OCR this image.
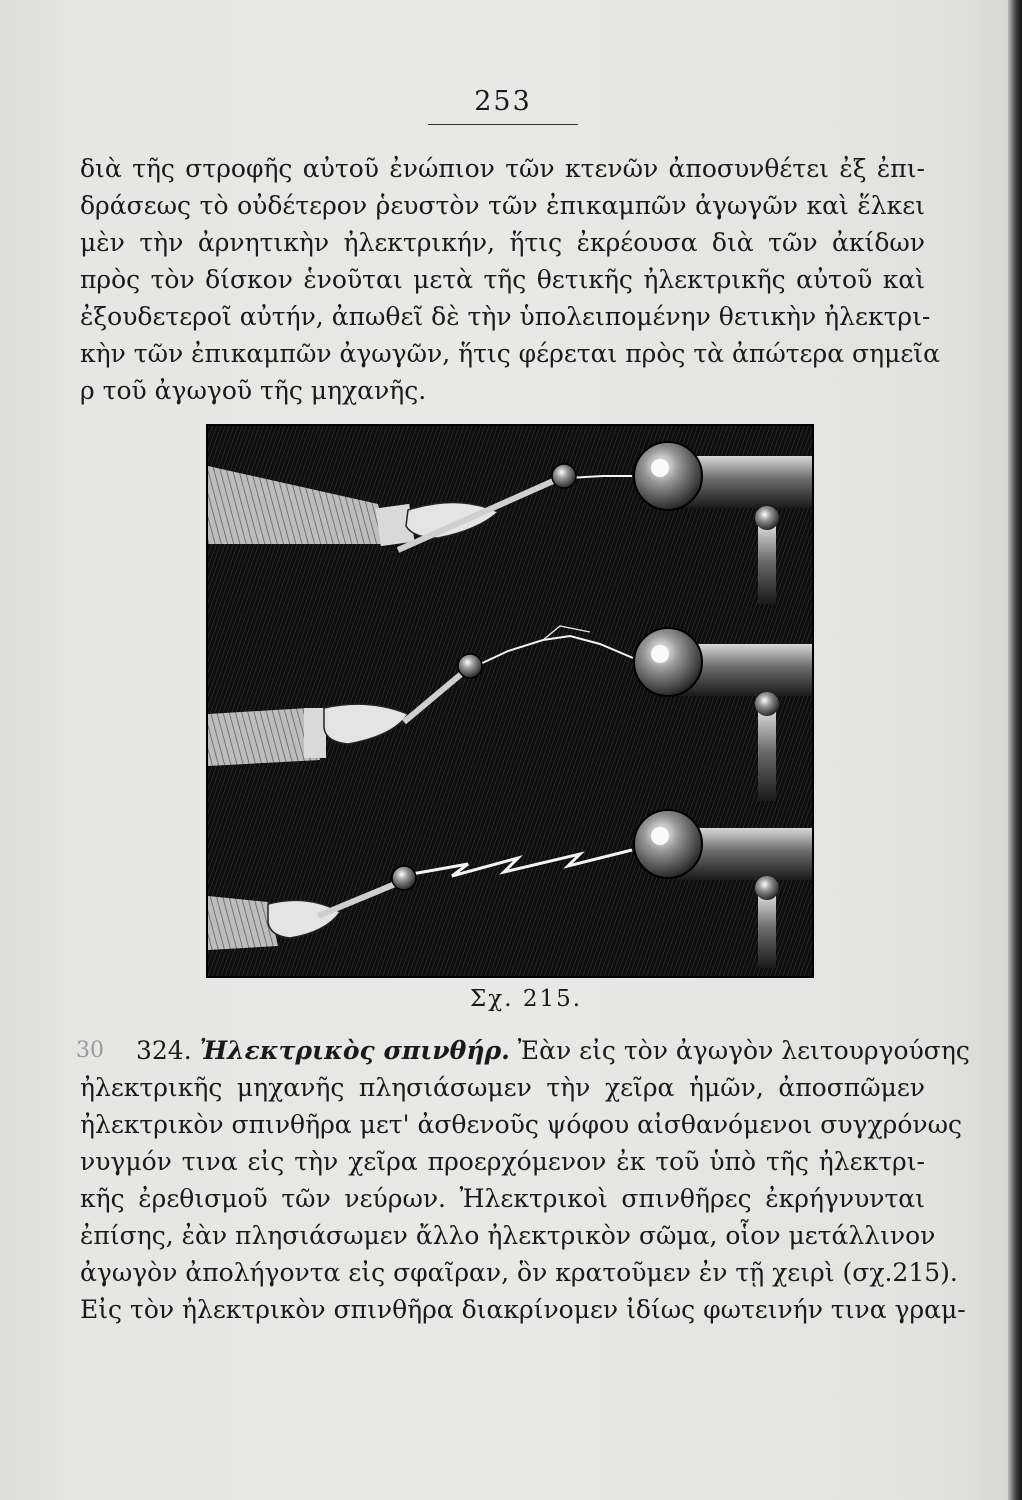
253
διὰ τῆς στροφῆς αὐτοῦ ἐνώπιον τῶν κτενῶν ἀποσυνθέτει ἐξ ἐπι-
δράσεως τὸ οὐδέτερον ῥευστὸν τῶν ἐπικαμπῶν ἀγωγῶν καὶ ἕλκει
μὲν τὴν ἀρνητικὴν ἠλεκτρικήν, ἥτις ἐκρέουσα διὰ τῶν ἀκίδων
πρὸς τὸν δίσκον ἑνοῦται μετὰ τῆς θετικῆς ἠλεκτρικῆς αὐτοῦ καὶ
ἐξουδετεροῖ αὐτήν, ἀπωθεῖ δὲ τὴν ὑπολειπομένην θετικὴν ἠλεκτρι-
κὴν τῶν ἐπικαμπῶν ἀγωγῶν, ἥτις φέρεται πρὸς τὰ ἀπώτερα σημεῖα
ρ τοῦ ἀγωγοῦ τῆς μηχανῆς.
Σχ. 215.
30	324. Ἠλεκτρικὸς σπινθήρ. Ἐὰν εἰς τὸν ἀγωγὸν λειτουργούσης
ἠλεκτρικῆς μηχανῆς πλησιάσωμεν τὴν χεῖρα ἡμῶν, ἀποσπῶμεν
ἠλεκτρικὸν σπινθῆρα μετ' ἀσθενοῦς ψόφου αἰσθανόμενοι συγχρόνως
νυγμόν τινα εἰς τὴν χεῖρα προερχόμενον ἐκ τοῦ ὑπὸ τῆς ἠλεκτρι-
κῆς ἐρεθισμοῦ τῶν νεύρων. Ἠλεκτρικοὶ σπινθῆρες ἐκρήγνυνται
ἐπίσης, ἐὰν πλησιάσωμεν ἄλλο ἠλεκτρικὸν σῶμα, οἷον μετάλλινον
ἀγωγὸν ἀπολήγοντα εἰς σφαῖραν, ὃν κρατοῦμεν ἐν τῇ χειρὶ (σχ.215).
Εἰς τὸν ἠλεκτρικὸν σπινθῆρα διακρίνομεν ἰδίως φωτεινήν τινα γραμ-
